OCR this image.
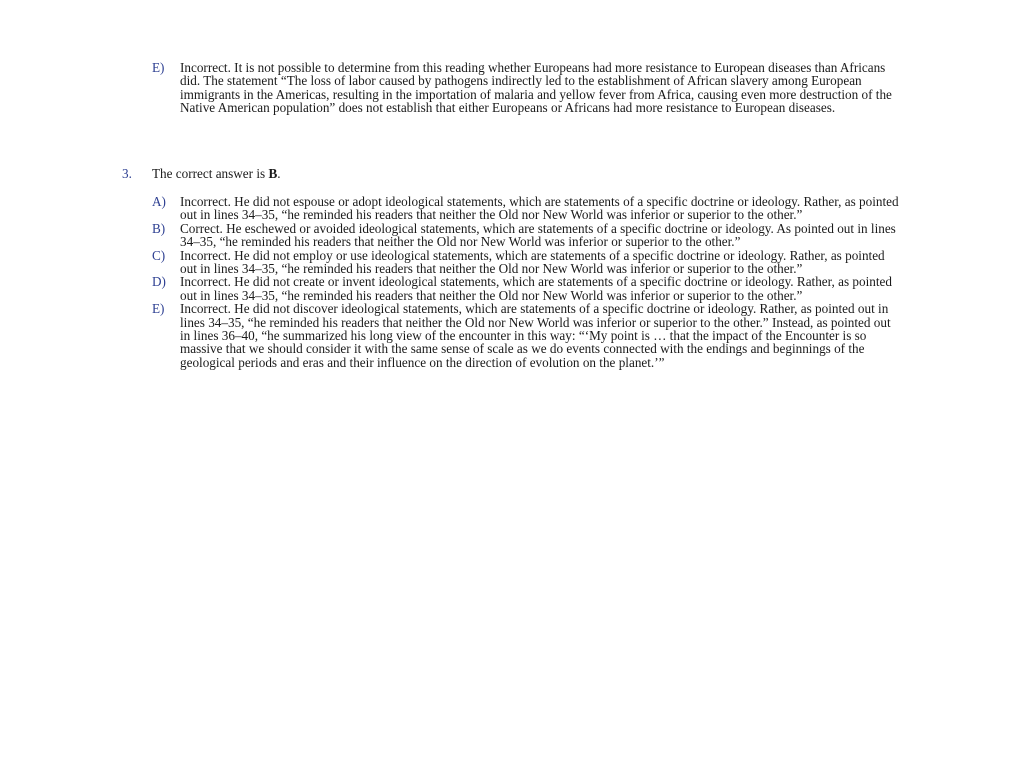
E)	Incorrect. It is not possible to determine from this reading whether Europeans had more resistance to European diseases than Africans did. The statement “The loss of labor caused by pathogens indirectly led to the establishment of African slavery among European immigrants in the Americas, resulting in the importation of malaria and yellow fever from Africa, causing even more destruction of the Native American population” does not establish that either Europeans or Africans had more resistance to European diseases.
3.	The correct answer is B.
A)	Incorrect. He did not espouse or adopt ideological statements, which are statements of a specific doctrine or ideology. Rather, as pointed out in lines 34–35, “he reminded his readers that neither the Old nor New World was inferior or superior to the other.”
B)	Correct. He eschewed or avoided ideological statements, which are statements of a specific doctrine or ideology. As pointed out in lines 34–35, “he reminded his readers that neither the Old nor New World was inferior or superior to the other.”
C)	Incorrect. He did not employ or use ideological statements, which are statements of a specific doctrine or ideology. Rather, as pointed out in lines 34–35, “he reminded his readers that neither the Old nor New World was inferior or superior to the other.”
D)	Incorrect. He did not create or invent ideological statements, which are statements of a specific doctrine or ideology. Rather, as pointed out in lines 34–35, “he reminded his readers that neither the Old nor New World was inferior or superior to the other.”
E)	Incorrect. He did not discover ideological statements, which are statements of a specific doctrine or ideology. Rather, as pointed out in lines 34–35, “he reminded his readers that neither the Old nor New World was inferior or superior to the other.” Instead, as pointed out in lines 36–40, “he summarized his long view of the encounter in this way: “‘My point is … that the impact of the Encounter is so massive that we should consider it with the same sense of scale as we do events connected with the endings and beginnings of the geological periods and eras and their influence on the direction of evolution on the planet.’”
